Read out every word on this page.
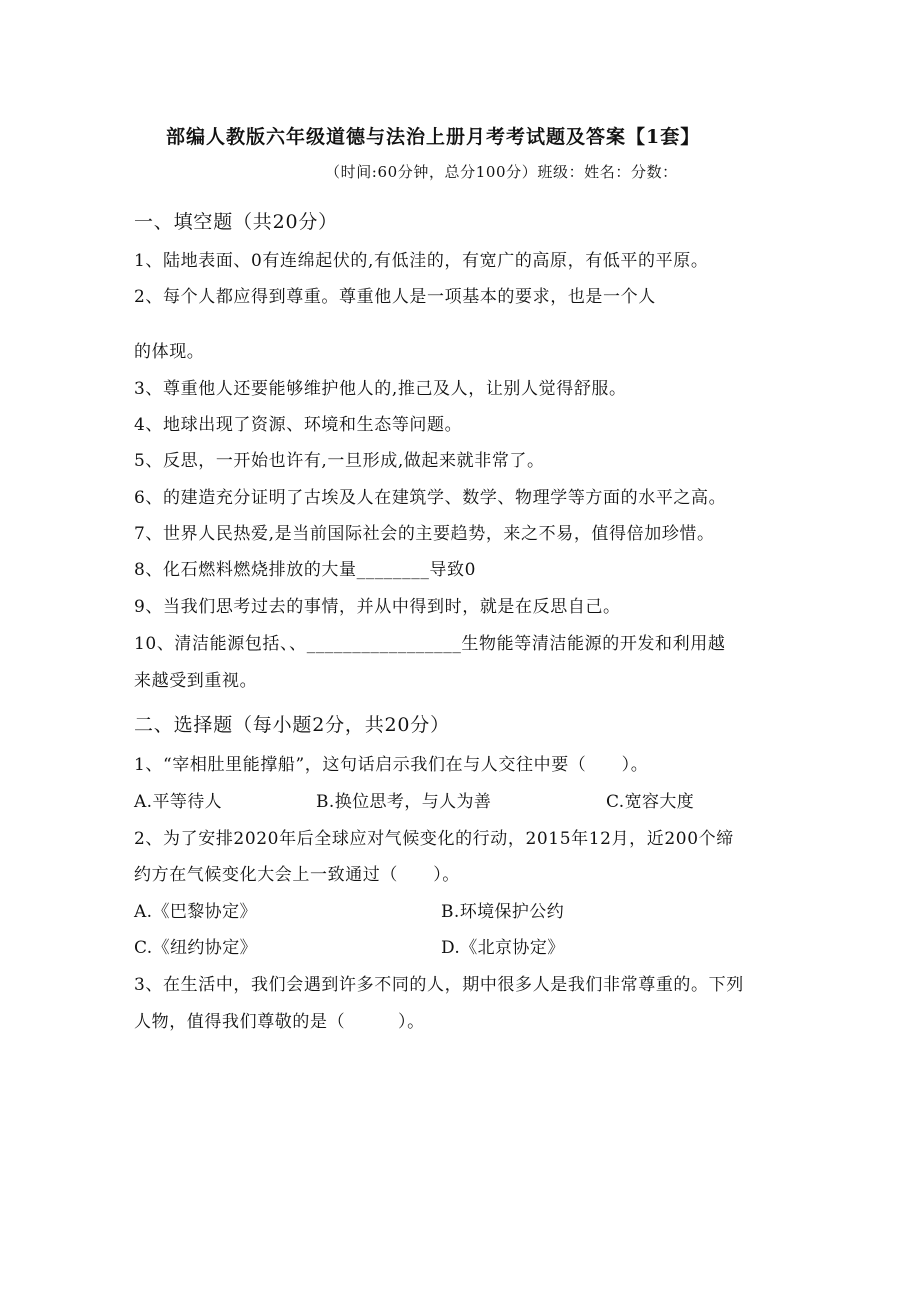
部编人教版六年级道德与法治上册月考考试题及答案【1套】
（时间:60分钟，总分100分）班级：姓名：分数：
一、填空题（共20分）
1、陆地表面、0有连绵起伏的,有低洼的，有宽广的高原，有低平的平原。
2、每个人都应得到尊重。尊重他人是一项基本的要求，也是一个人
的体现。
3、尊重他人还要能够维护他人的,推己及人，让别人觉得舒服。
4、地球出现了资源、环境和生态等问题。
5、反思，一开始也许有,一旦形成,做起来就非常了。
6、的建造充分证明了古埃及人在建筑学、数学、物理学等方面的水平之高。
7、世界人民热爱,是当前国际社会的主要趋势，来之不易，值得倍加珍惜。
8、化石燃料燃烧排放的大量________导致0
9、当我们思考过去的事情，并从中得到时，就是在反思自己。
10、清洁能源包括、、_________________生物能等清洁能源的开发和利用越
来越受到重视。
二、选择题（每小题2分，共20分）
1、“宰相肚里能撑船”，这句话启示我们在与人交往中要（　　）。
A.平等待人	B.换位思考，与人为善	C.宽容大度
2、为了安排2020年后全球应对气候变化的行动，2015年12月，近200个缔
约方在气候变化大会上一致通过（　　）。
A.《巴黎协定》	B.环境保护公约
C.《纽约协定》	D.《北京协定》
3、在生活中，我们会遇到许多不同的人，期中很多人是我们非常尊重的。下列
人物，值得我们尊敬的是（　　　）。
